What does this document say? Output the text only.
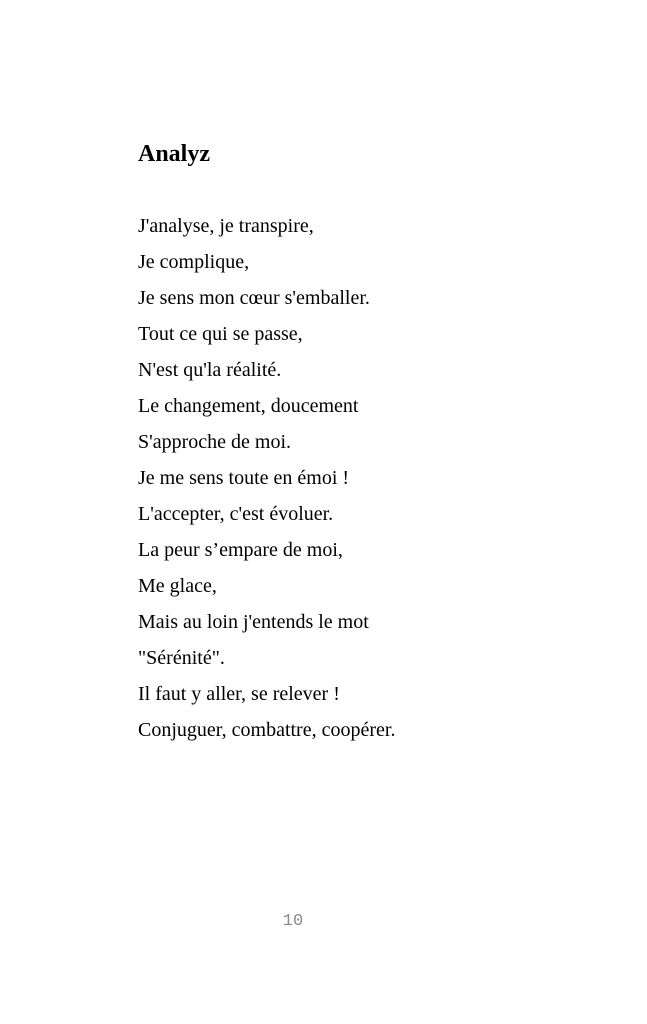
Analyz
J'analyse, je transpire,
Je complique,
Je sens mon cœur s'emballer.
Tout ce qui se passe,
N'est qu'la réalité.
Le changement, doucement
S'approche de moi.
Je me sens toute en émoi !
L'accepter, c'est évoluer.
La peur s’empare de moi,
Me glace,
Mais au loin j'entends le mot
"Sérénité".
Il faut y aller, se relever !
Conjuguer, combattre, coopérer.
10
